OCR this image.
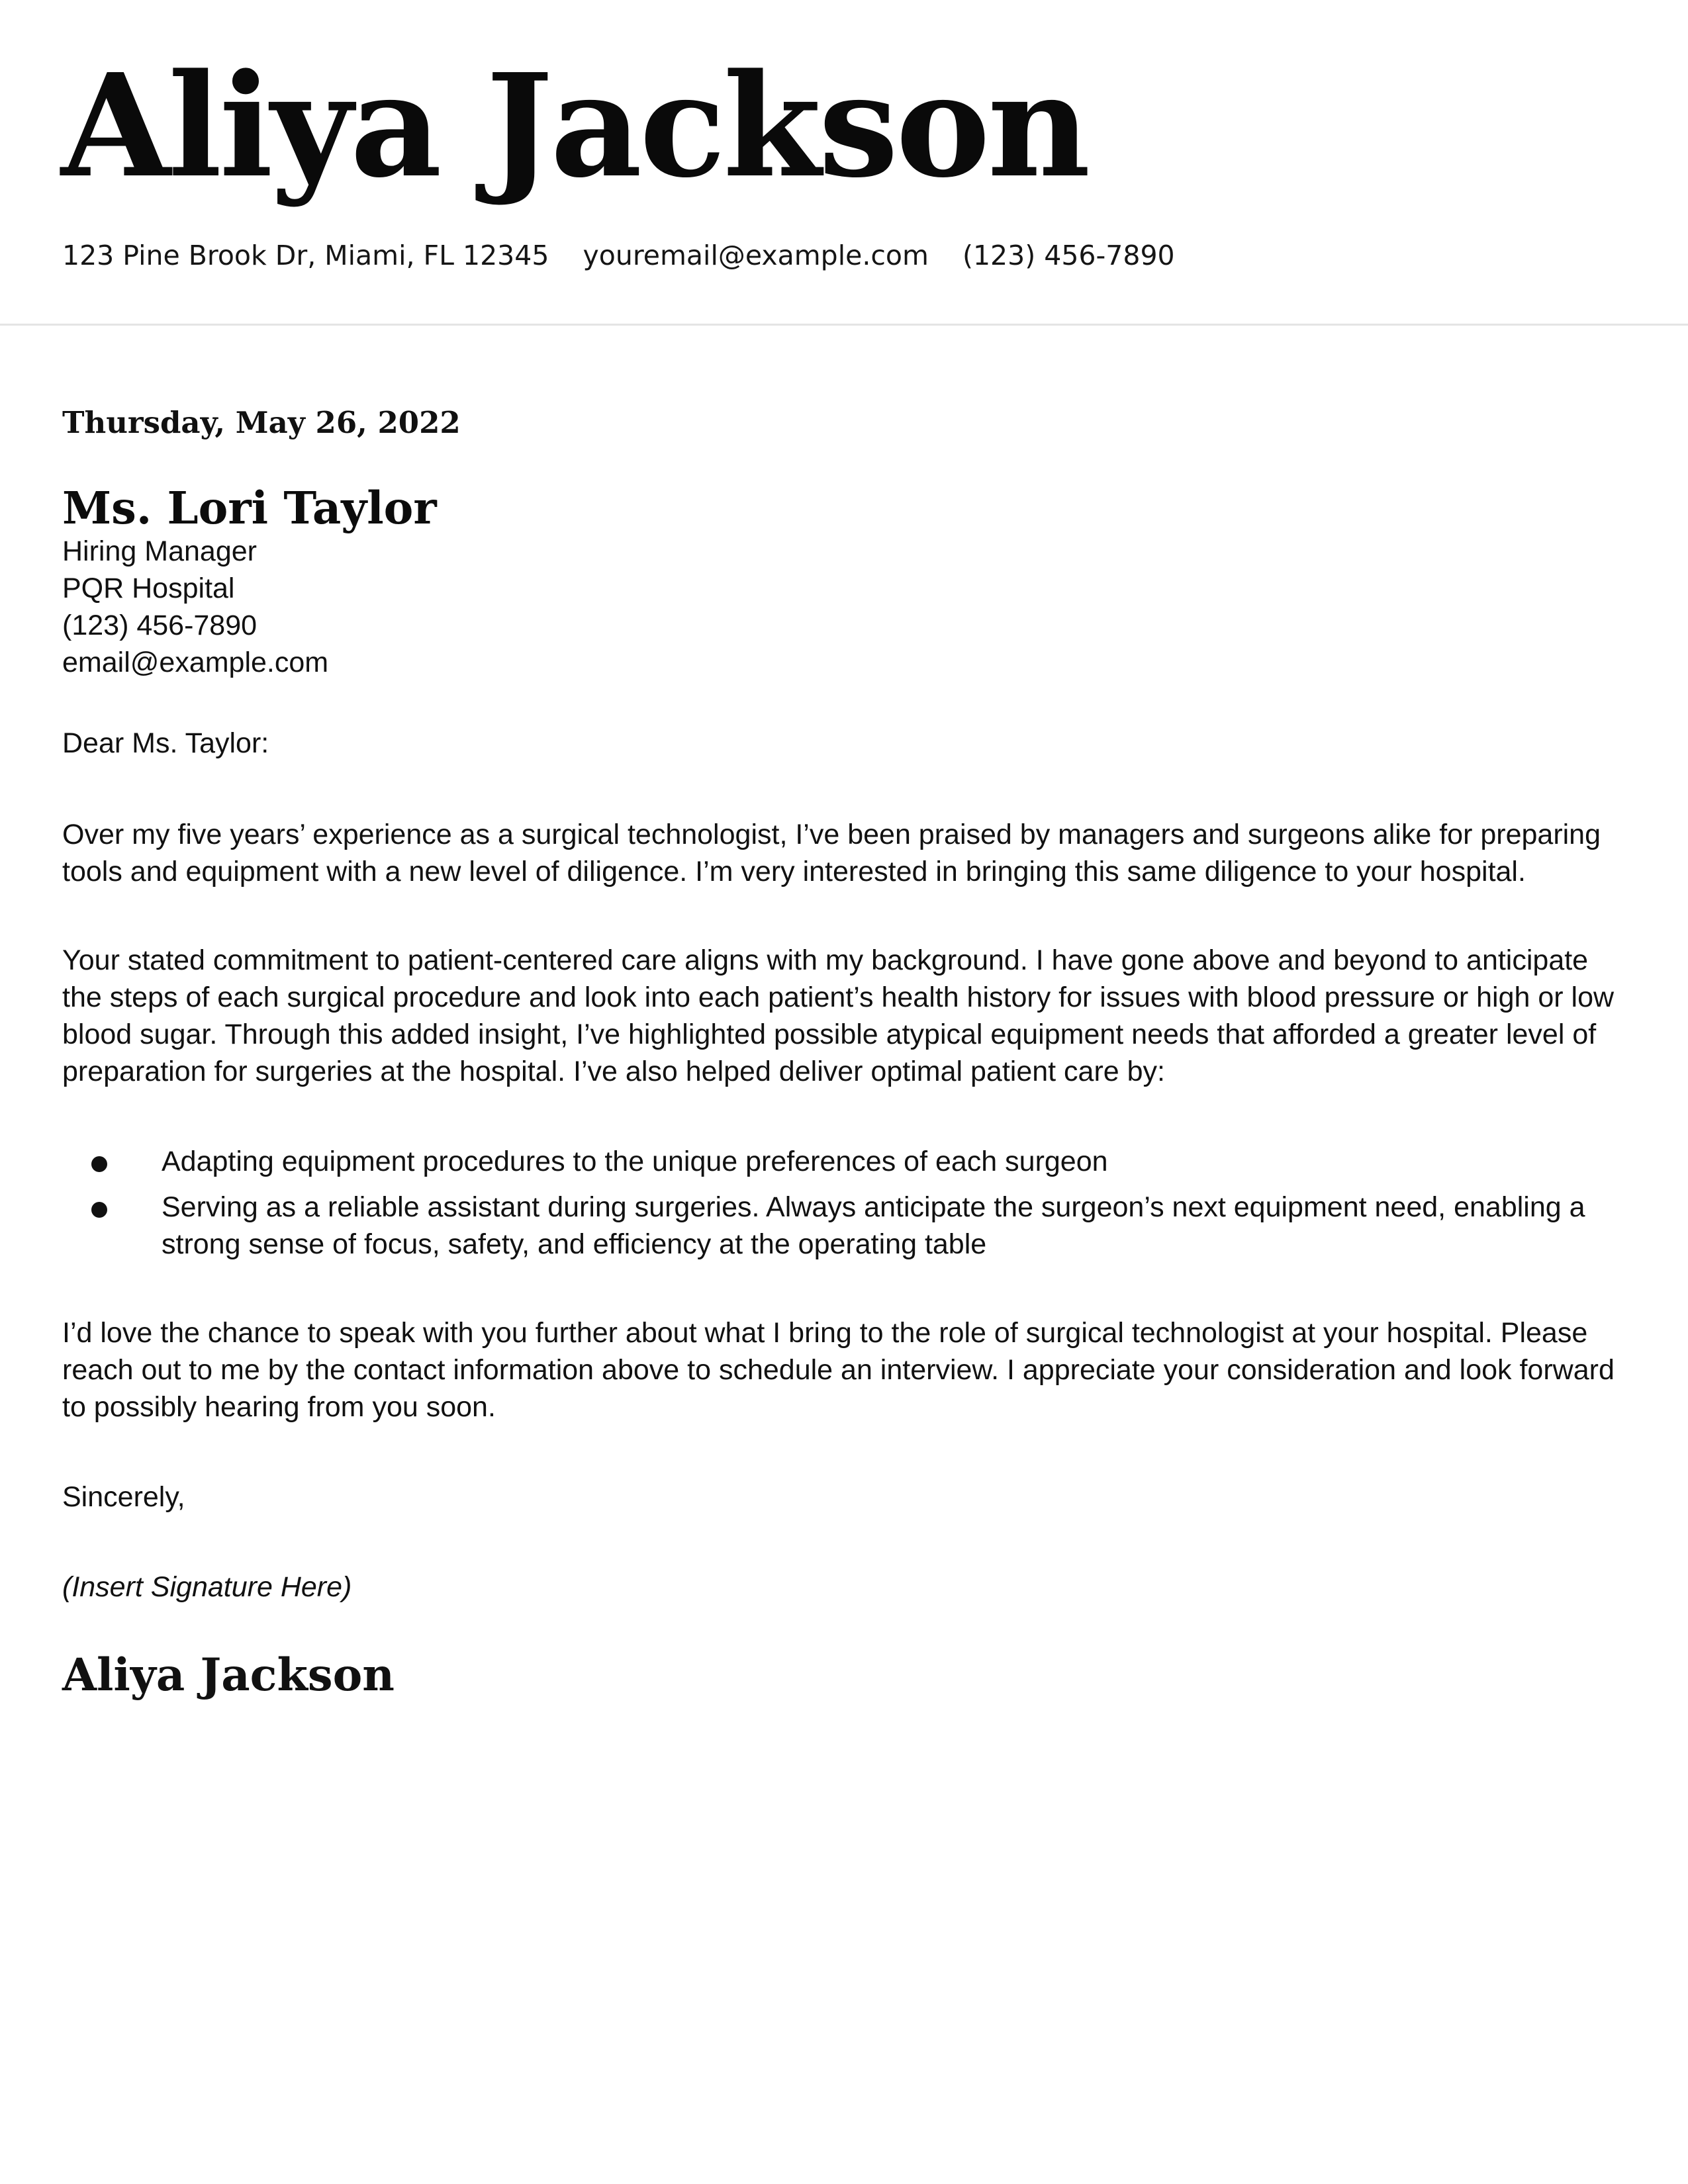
Aliya Jackson
123 Pine Brook Dr, Miami, FL 12345 youremail@example.com (123) 456-7890

Thursday, May 26, 2022

Ms. Lori Taylor

Hiring Manager

PQR Hospital

(123) 456-7890

email@example.com

Dear Ms. Taylor:

Over my five years’ experience as a surgical technologist, I’ve been praised by managers and surgeons alike for preparing tools and equipment with a new level of diligence. I’m very interested in bringing this same diligence to your hospital.

Your stated commitment to patient-centered care aligns with my background. I have gone above and beyond to anticipate the steps of each surgical procedure and look into each patient’s health history for issues with blood pressure or high or low blood sugar. Through this added insight, I’ve highlighted possible atypical equipment needs that afforded a greater level of preparation for surgeries at the hospital. I’ve also helped deliver optimal patient care by:

Adapting equipment procedures to the unique preferences of each surgeon
Serving as a reliable assistant during surgeries. Always anticipate the surgeon’s next equipment need, enabling a strong sense of focus, safety, and efficiency at the operating table

I’d love the chance to speak with you further about what I bring to the role of surgical technologist at your hospital. Please reach out to me by the contact information above to schedule an interview. I appreciate your consideration and look forward to possibly hearing from you soon.

Sincerely,

(Insert Signature Here)

Aliya Jackson
